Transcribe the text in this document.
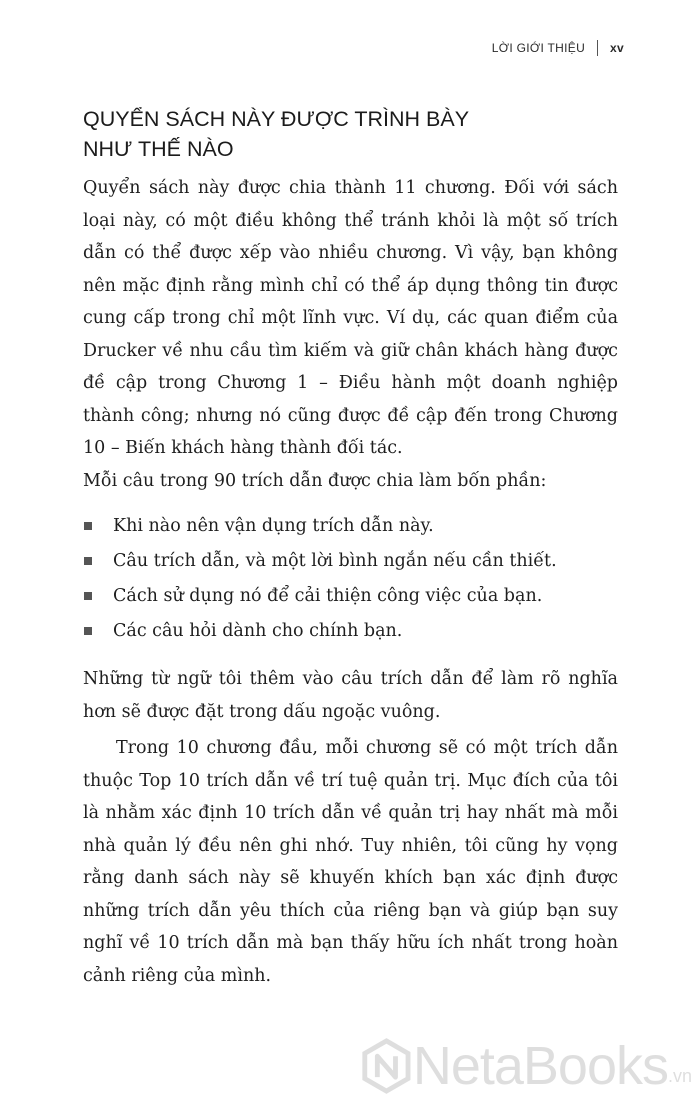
LỜI GIỚI THIỆU xv
QUYỂN SÁCH NÀY ĐƯỢC TRÌNH BÀY
NHƯ THẾ NÀO

Quyển sách này được chia thành 11 chương. Đối với sách loại này, có một điều không thể tránh khỏi là một số trích dẫn có thể được xếp vào nhiều chương. Vì vậy, bạn không nên mặc định rằng mình chỉ có thể áp dụng thông tin được cung cấp trong chỉ một lĩnh vực. Ví dụ, các quan điểm của Drucker về nhu cầu tìm kiếm và giữ chân khách hàng được đề cập trong Chương 1 – Điều hành một doanh nghiệp thành công; nhưng nó cũng được đề cập đến trong Chương 10 – Biến khách hàng thành đối tác.

Mỗi câu trong 90 trích dẫn được chia làm bốn phần:

Khi nào nên vận dụng trích dẫn này.
Câu trích dẫn, và một lời bình ngắn nếu cần thiết.
Cách sử dụng nó để cải thiện công việc của bạn.
Các câu hỏi dành cho chính bạn.

Những từ ngữ tôi thêm vào câu trích dẫn để làm rõ nghĩa hơn sẽ được đặt trong dấu ngoặc vuông.

Trong 10 chương đầu, mỗi chương sẽ có một trích dẫn thuộc Top 10 trích dẫn về trí tuệ quản trị. Mục đích của tôi là nhằm xác định 10 trích dẫn về quản trị hay nhất mà mỗi nhà quản lý đều nên ghi nhớ. Tuy nhiên, tôi cũng hy vọng rằng danh sách này sẽ khuyến khích bạn xác định được những trích dẫn yêu thích của riêng bạn và giúp bạn suy nghĩ về 10 trích dẫn mà bạn thấy hữu ích nhất trong hoàn cảnh riêng của mình.

NetaBooks .vn
